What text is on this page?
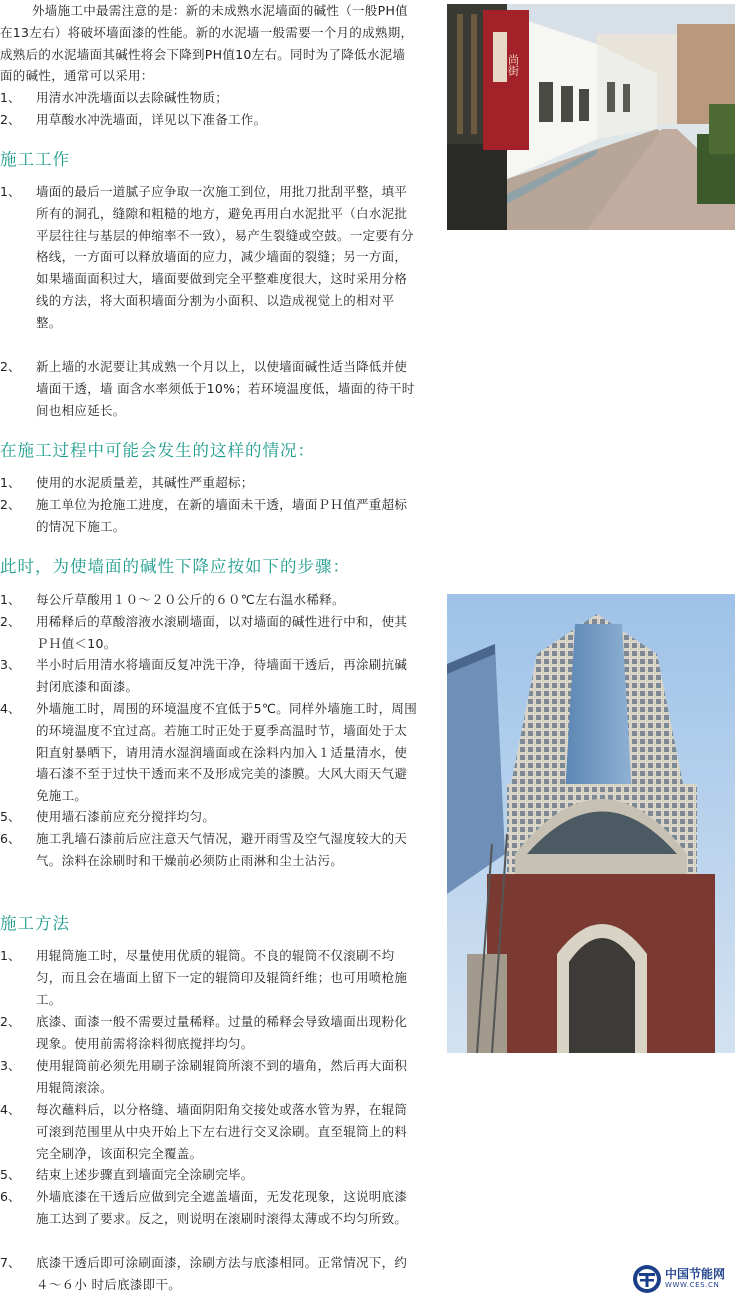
尚街

外墙施工中最需注意的是：新的未成熟水泥墙面的碱性（一般PH值在13左右）将破坏墙面漆的性能。新的水泥墙一般需要一个月的成熟期，成熟后的水泥墙面其碱性将会下降到PH值10左右。同时为了降低水泥墙面的碱性，通常可以采用：

1、	用清水冲洗墙面以去除碱性物质；
2、	用草酸水冲洗墙面，详见以下准备工作。
施工工作
1、	墙面的最后一道腻子应争取一次施工到位，用批刀批刮平整，填平所有的洞孔，缝隙和粗糙的地方，避免再用白水泥批平（白水泥批平层往往与基层的伸缩率不一致），易产生裂缝或空鼓。一定要有分格线，一方面可以释放墙面的应力，减少墙面的裂缝；另一方面，如果墙面面积过大，墙面要做到完全平整难度很大，这时采用分格线的方法，将大面积墙面分割为小面积、以造成视觉上的相对平整。
2、	新上墙的水泥要让其成熟一个月以上，以使墙面碱性适当降低并使墙面干透，墙 面含水率须低于10%；若环境温度低，墙面的待干时间也相应延长。
在施工过程中可能会发生的这样的情况：
1、	使用的水泥质量差，其碱性严重超标；
2、	施工单位为抢施工进度，在新的墙面未干透，墙面ＰＨ值严重超标的情况下施工。
此时，为使墙面的碱性下降应按如下的步骤：
1、	每公斤草酸用１０～２０公斤的６０℃左右温水稀释。
2、	用稀释后的草酸溶液水滚刷墙面，以对墙面的碱性进行中和，使其ＰＨ值＜10。
3、	半小时后用清水将墙面反复冲洗干净，待墙面干透后，再涂刷抗碱封闭底漆和面漆。
4、	外墙施工时，周围的环境温度不宜低于5℃。同样外墙施工时，周围的环境温度不宜过高。若施工时正处于夏季高温时节，墙面处于太阳直射暴晒下，请用清水湿润墙面或在涂料内加入１适量清水，使墙石漆不至于过快干透而来不及形成完美的漆膜。大风大雨天气避免施工。
5、	使用墙石漆前应充分搅拌均匀。
6、	施工乳墙石漆前后应注意天气情况，避开雨雪及空气湿度较大的天气。涂料在涂刷时和干燥前必须防止雨淋和尘土沾污。
施工方法
1、	用辊筒施工时，尽量使用优质的辊筒。不良的辊筒不仅滚刷不均匀，而且会在墙面上留下一定的辊筒印及辊筒纤维；也可用喷枪施工。
2、	底漆、面漆一般不需要过量稀释。过量的稀释会导致墙面出现粉化现象。使用前需将涂料彻底搅拌均匀。
3、	使用辊筒前必须先用刷子涂刷辊筒所滚不到的墙角，然后再大面积用辊筒滚涂。
4、	每次蘸料后，以分格缝、墙面阴阳角交接处或落水管为界，在辊筒可滚到范围里从中央开始上下左右进行交叉涂刷。直至辊筒上的料完全刷净，该面积完全覆盖。
5、	结束上述步骤直到墙面完全涂刷完毕。
6、	外墙底漆在干透后应做到完全遮盖墙面，无发花现象，这说明底漆施工达到了要求。反之，则说明在滚刷时滚得太薄或不均匀所致。
7、	底漆干透后即可涂刷面漆，涂刷方法与底漆相同。正常情况下，约４～６小 时后底漆即干。
中国节能网
WWW.CES.CN
